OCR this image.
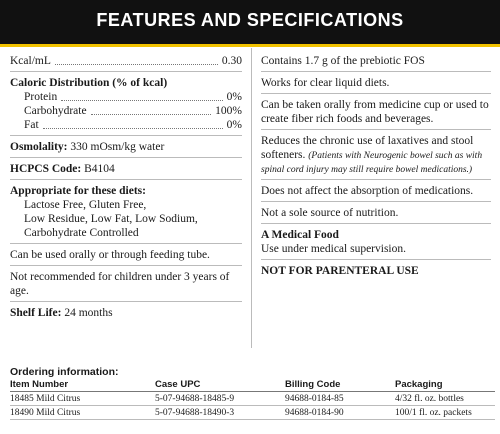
FEATURES AND SPECIFICATIONS
Kcal/mL	0.30
Caloric Distribution (% of kcal)
Protein	0%
Carbohydrate	100%
Fat	0%
Osmolality: 330 mOsm/kg water
HCPCS Code: B4104
Appropriate for these diets:
Lactose Free, Gluten Free,
Low Residue, Low Fat, Low Sodium,
Carbohydrate Controlled
Can be used orally or through feeding tube.
Not recommended for children under 3 years of age.
Shelf Life: 24 months
Contains 1.7 g of the prebiotic FOS
Works for clear liquid diets.
Can be taken orally from medicine cup or used to create fiber rich foods and beverages.
Reduces the chronic use of laxatives and stool softeners. (Patients with Neurogenic bowel such as with spinal cord injury may still require bowel medications.)
Does not affect the absorption of medications.
Not a sole source of nutrition.
A Medical Food
Use under medical supervision.
NOT FOR PARENTERAL USE
Ordering information:
Item Number	Case UPC	Billing Code	Packaging
18485 Mild Citrus	5-07-94688-18485-9	94688-0184-85	4/32 fl. oz. bottles
18490 Mild Citrus	5-07-94688-18490-3	94688-0184-90	100/1 fl. oz. packets
